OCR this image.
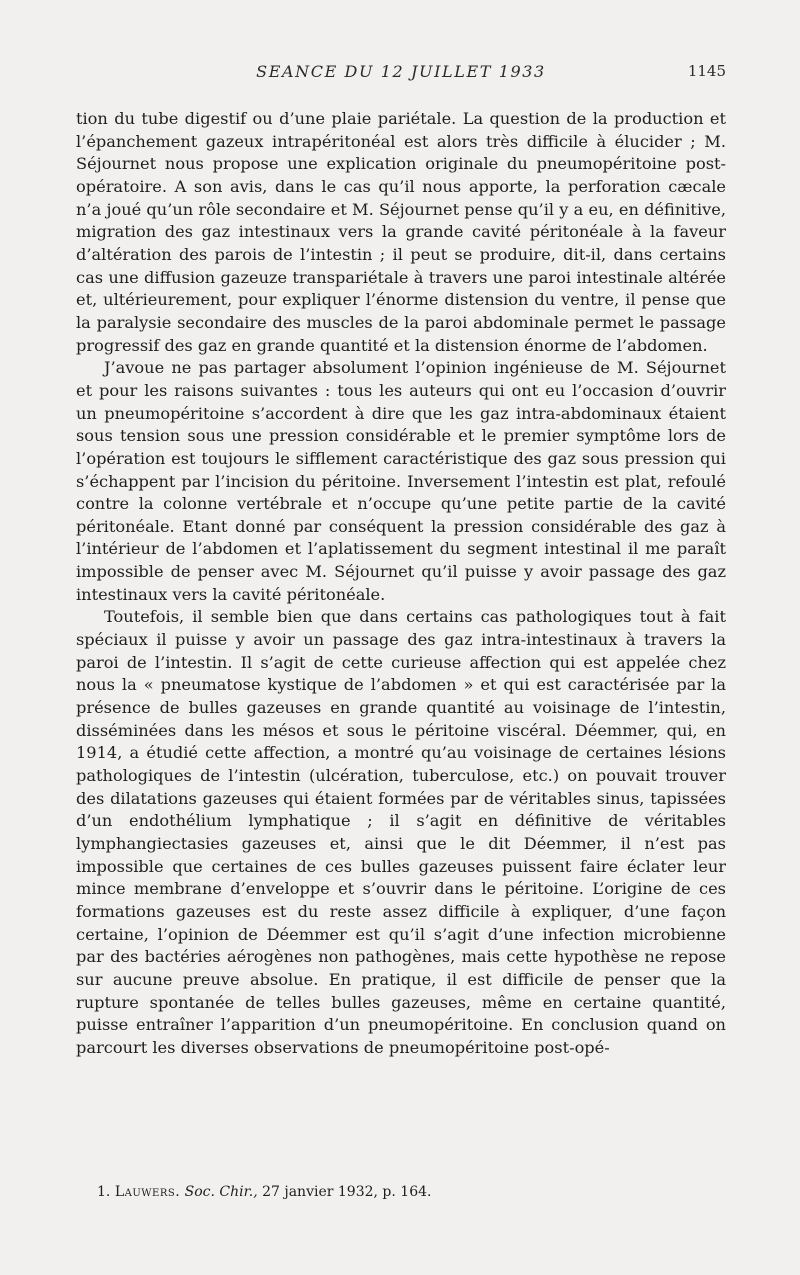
SEANCE DU 12 JUILLET 1933	1145

tion du tube digestif ou d’une plaie pariétale. La question de la production et l’épanchement gazeux intrapéritonéal est alors très difficile à élucider ; M. Séjournet nous propose une explication originale du pneumopéritoine post-opératoire. A son avis, dans le cas qu’il nous apporte, la perforation cæcale n’a joué qu’un rôle secondaire et M. Séjournet pense qu’il y a eu, en définitive, migration des gaz intestinaux vers la grande cavité péritonéale à la faveur d’altération des parois de l’intestin ; il peut se produire, dit-il, dans certains cas une diffusion gazeuze transpariétale à travers une paroi intestinale altérée et, ultérieurement, pour expliquer l’énorme distension du ventre, il pense que la paralysie secondaire des muscles de la paroi abdominale permet le passage progressif des gaz en grande quantité et la distension énorme de l’abdomen.

J’avoue ne pas partager absolument l’opinion ingénieuse de M. Séjournet et pour les raisons suivantes : tous les auteurs qui ont eu l’occasion d’ouvrir un pneumopéritoine s’accordent à dire que les gaz intra-abdominaux étaient sous tension sous une pression considérable et le premier symptôme lors de l’opération est toujours le sifflement caractéristique des gaz sous pression qui s’échappent par l’incision du péritoine. Inversement l’intestin est plat, refoulé contre la colonne vertébrale et n’occupe qu’une petite partie de la cavité péritonéale. Etant donné par conséquent la pression considérable des gaz à l’intérieur de l’abdomen et l’aplatissement du segment intestinal il me paraît impossible de penser avec M. Séjournet qu’il puisse y avoir passage des gaz intestinaux vers la cavité péritonéale.

Toutefois, il semble bien que dans certains cas pathologiques tout à fait spéciaux il puisse y avoir un passage des gaz intra-intestinaux à travers la paroi de l’intestin. Il s’agit de cette curieuse affection qui est appelée chez nous la « pneumatose kystique de l’abdomen » et qui est caractérisée par la présence de bulles gazeuses en grande quantité au voisinage de l’intestin, disséminées dans les mésos et sous le péritoine viscéral. Déemmer, qui, en 1914, a étudié cette affection, a montré qu’au voisinage de certaines lésions pathologiques de l’intestin (ulcération, tuberculose, etc.) on pouvait trouver des dilatations gazeuses qui étaient formées par de véritables sinus, tapissées d’un endothélium lymphatique ; il s’agit en définitive de véritables lymphangiectasies gazeuses et, ainsi que le dit Déemmer, il n’est pas impossible que certaines de ces bulles gazeuses puissent faire éclater leur mince membrane d’enveloppe et s’ouvrir dans le péritoine. L’origine de ces formations gazeuses est du reste assez difficile à expliquer, d’une façon certaine, l’opinion de Déemmer est qu’il s’agit d’une infection microbienne par des bactéries aérogènes non pathogènes, mais cette hypothèse ne repose sur aucune preuve absolue. En pratique, il est difficile de penser que la rupture spontanée de telles bulles gazeuses, même en certaine quantité, puisse entraîner l’apparition d’un pneumopéritoine. En conclusion quand on parcourt les diverses observations de pneumopéritoine post-opé-

1. Lauwers. Soc. Chir., 27 janvier 1932, p. 164.
